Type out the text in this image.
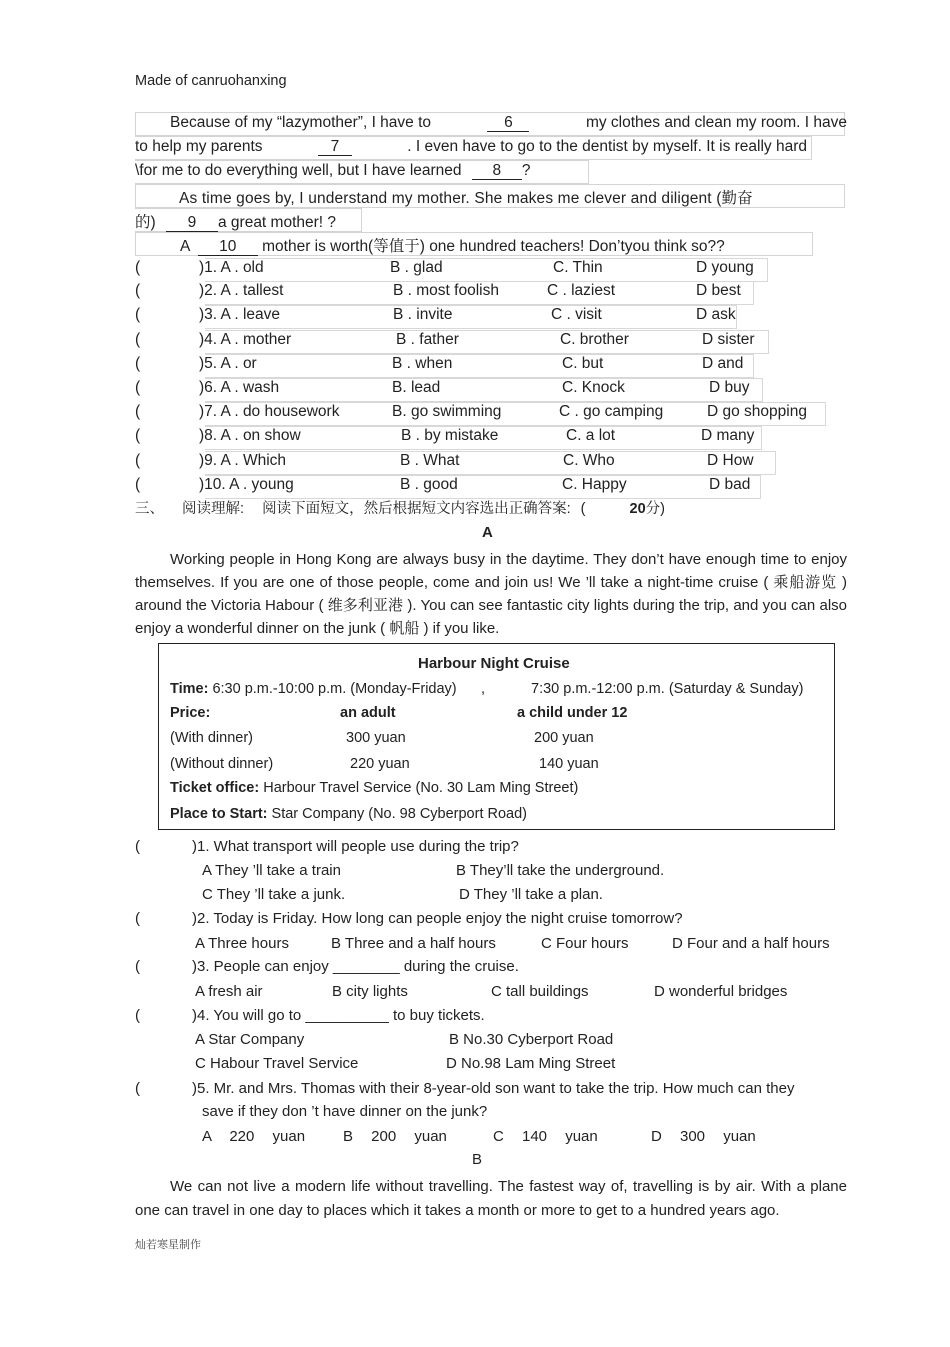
Made of canruohanxing
Because of my “lazymother”, I have to	6	my clothes and clean my room. I have
to help my parents	7	. I even have to go to the dentist by myself. It is really hard
\for me to do everything well, but I have learned 8 ?
As time goes by, I understand my mother. She makes me clever and diligent (勤奋
的) 9 a great mother! ?
A 10 mother is worth(等值于) one hundred teachers! Don’tyou think so??
(	)1. A . old	B . glad	C. Thin	D young
(	)2. A . tallest	B . most foolish	C . laziest	D best
(	)3. A . leave	B . invite	C . visit	D ask
(	)4. A . mother	B . father	C. brother	D sister
(	)5. A . or	B . when	C. but	D and
(	)6. A . wash	B. lead	C. Knock	D buy
(	)7. A . do housework	B. go swimming	C . go camping	D go shopping
(	)8. A . on show	B . by mistake	C. a lot	D many
(	)9. A . Which	B . What	C. Who	D How
(	)10. A . young	B . good	C. Happy	D bad
三、 阅读理解: 阅读下面短文，然后根据短文内容选出正确答案: (	20分)
A
Working people in Hong Kong are always busy in the daytime. They don’t have enough time to enjoy themselves. If you are one of those people, come and join us! We ’ll take a night-time cruise ( 乘船游览 ) around the Victoria Habour ( 维多利亚港 ). You can see fantastic city lights during the trip, and you can also enjoy a wonderful dinner on the junk ( 帆船 ) if you like.
Harbour Night Cruise
Time: 6:30 p.m.-10:00 p.m. (Monday-Friday) ,	7:30 p.m.-12:00 p.m. (Saturday & Sunday)
Price:	an adult	a child under 12
(With dinner)	300 yuan	200 yuan
(Without dinner)	220 yuan	140 yuan
Ticket office: Harbour Travel Service (No. 30 Lam Ming Street)
Place to Start: Star Company (No. 98 Cyberport Road)
(	)1. What transport will people use during the trip?
A They ’ll take a train	B They’ll take the underground.
C They ’ll take a junk.	D They ’ll take a plan.
(	)2. Today is Friday. How long can people enjoy the night cruise tomorrow?
A Three hours	B Three and a half hours	C Four hours	D Four and a half hours
(	)3. People can enjoy ________ during the cruise.
A fresh air	B city lights	C tall buildings	D wonderful bridges
(	)4. You will go to __________ to buy tickets.
A Star Company	B No.30 Cyberport Road
C Habour Travel Service	D No.98 Lam Ming Street
(	)5. Mr. and Mrs. Thomas with their 8-year-old son want to take the trip. How much can they
save if they don ’t have dinner on the junk?
A 220 yuan	B 200 yuan	C 140 yuan	D 300 yuan
B
We can not live a modern life without travelling. The fastest way of, travelling is by air. With a plane one can travel in one day to places which it takes a month or more to get to a hundred years ago.
灿若寒星制作
